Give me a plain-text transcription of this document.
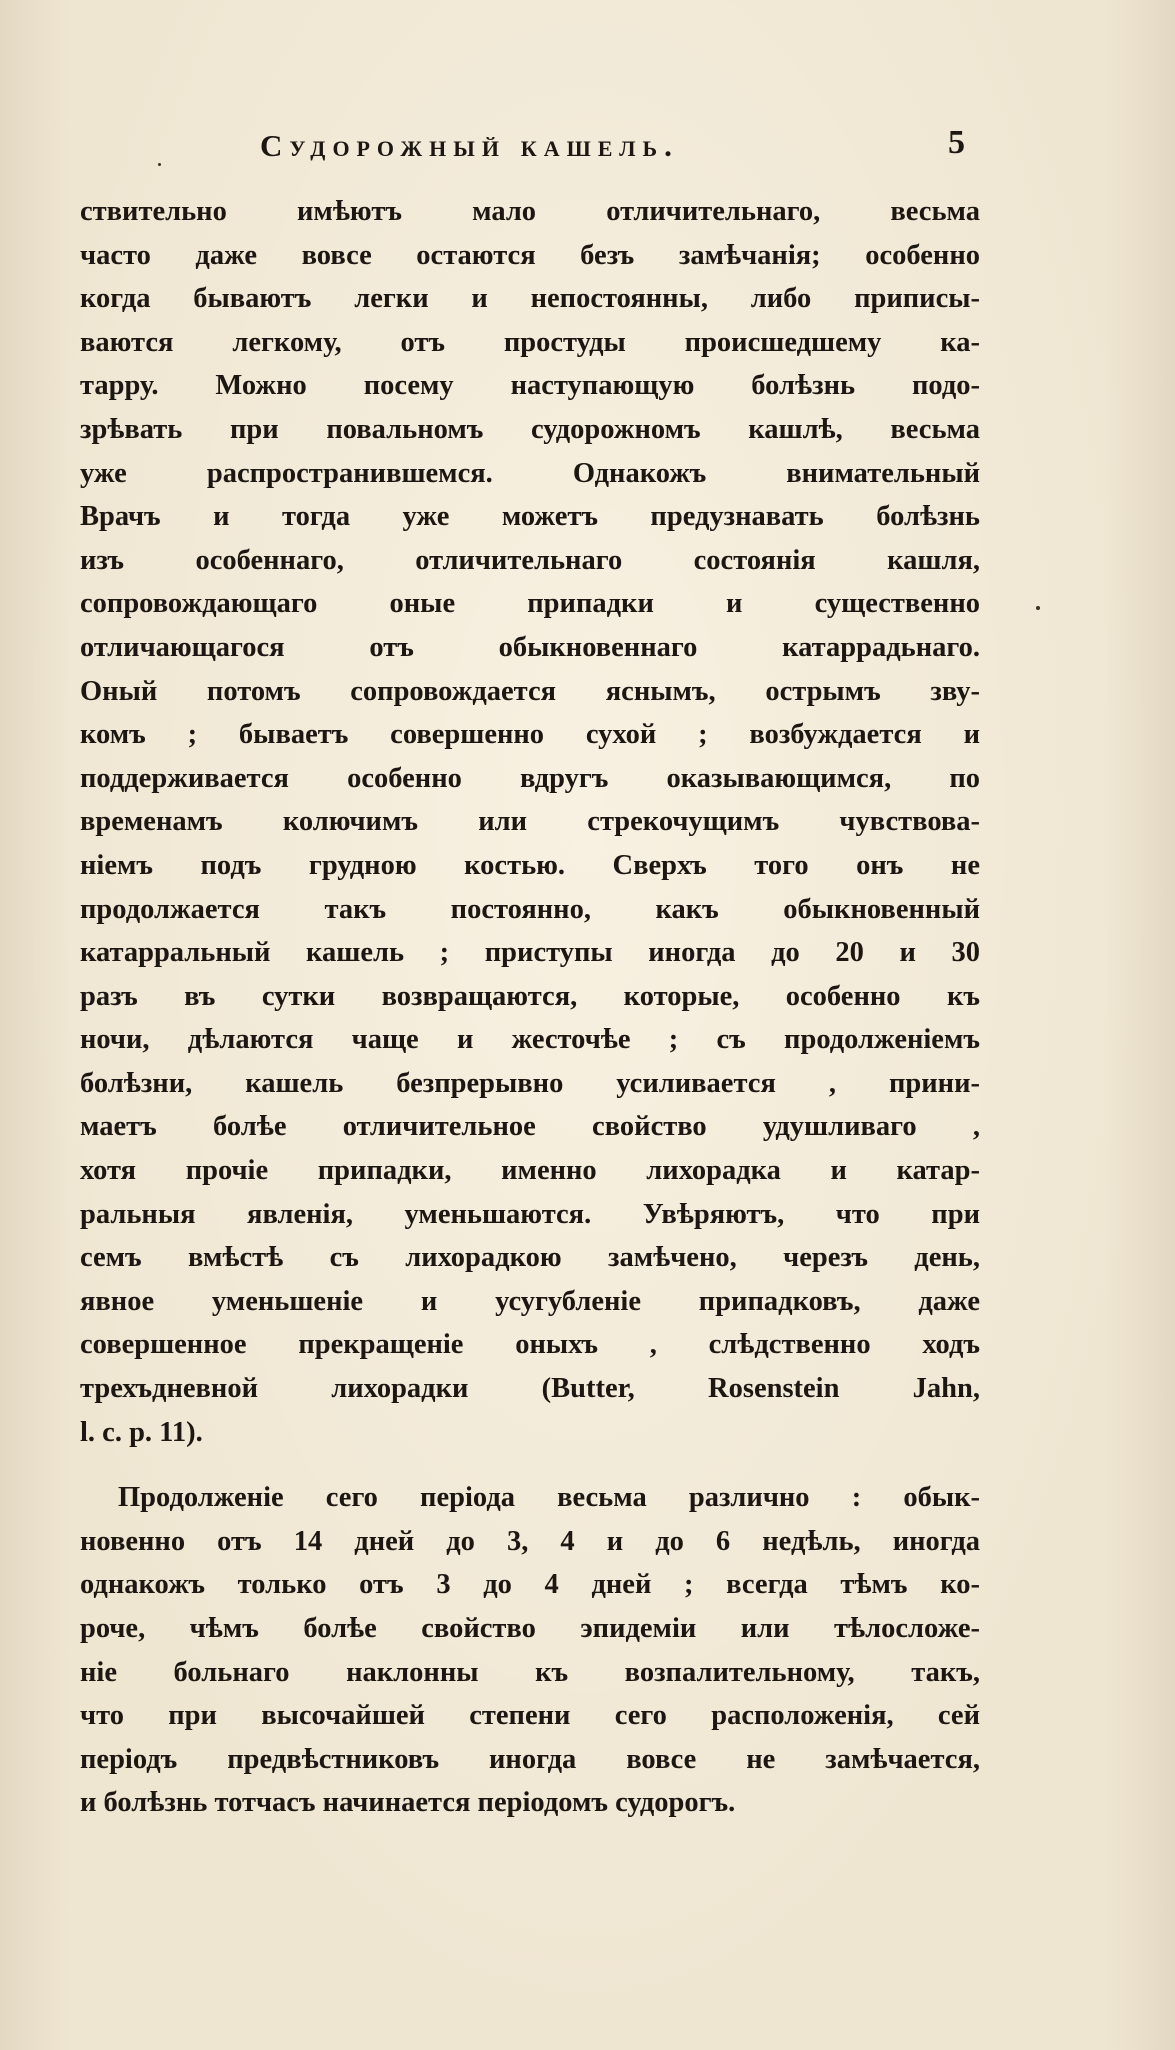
Судорожный кашель.	5
ствительно имѣютъ мало отличительнаго, весьма
часто даже вовсе остаются безъ замѣчанія; особенно
когда бываютъ легки и непостоянны, либо приписы-
ваются легкому, отъ простуды происшедшему ка-
тарру. Можно посему наступающую болѣзнь подо-
зрѣвать при повальномъ судорожномъ кашлѣ, весьма
уже распространившемся. Однакожъ внимательный
Врачъ и тогда уже можетъ предузнавать болѣзнь
изъ особеннаго, отличительнаго состоянія кашля,
сопровождающаго оные припадки и существенно
отличающагося отъ обыкновеннаго катаррадьнаго.
Оный потомъ сопровождается яснымъ, острымъ зву-
комъ ; бываетъ совершенно сухой ; возбуждается и
поддерживается особенно вдругъ оказывающимся, по
временамъ колючимъ или стрекочущимъ чувствова-
ніемъ подъ грудною костью. Сверхъ того онъ не
продолжается такъ постоянно, какъ обыкновенный
катарральный кашель ; приступы иногда до 20 и 30
разъ въ сутки возвращаются, которые, особенно къ
ночи, дѣлаются чаще и жесточѣе ; съ продолженіемъ
болѣзни, кашель безпрерывно усиливается , прини-
маетъ болѣе отличительное свойство удушливаго ,
хотя прочіе припадки, именно лихорадка и катар-
ральныя явленія, уменьшаются. Увѣряютъ, что при
семъ вмѣстѣ съ лихорадкою замѣчено, черезъ день,
явное уменьшеніе и усугубленіе припадковъ, даже
совершенное прекращеніе оныхъ , слѣдственно ходъ
трехъдневной лихорадки (Butter, Rosenstein Jahn,
l. c. p. 11).
Продолженіе сего періода весьма различно : обык-
новенно отъ 14 дней до 3, 4 и до 6 недѣль, иногда
однакожъ только отъ 3 до 4 дней ; всегда тѣмъ ко-
роче, чѣмъ болѣе свойство эпидеміи или тѣлосложе-
ніе больнаго наклонны къ возпалительному, такъ,
что при высочайшей степени сего расположенія, сей
періодъ предвѣстниковъ иногда вовсе не замѣчается,
и болѣзнь тотчасъ начинается періодомъ судорогъ.
